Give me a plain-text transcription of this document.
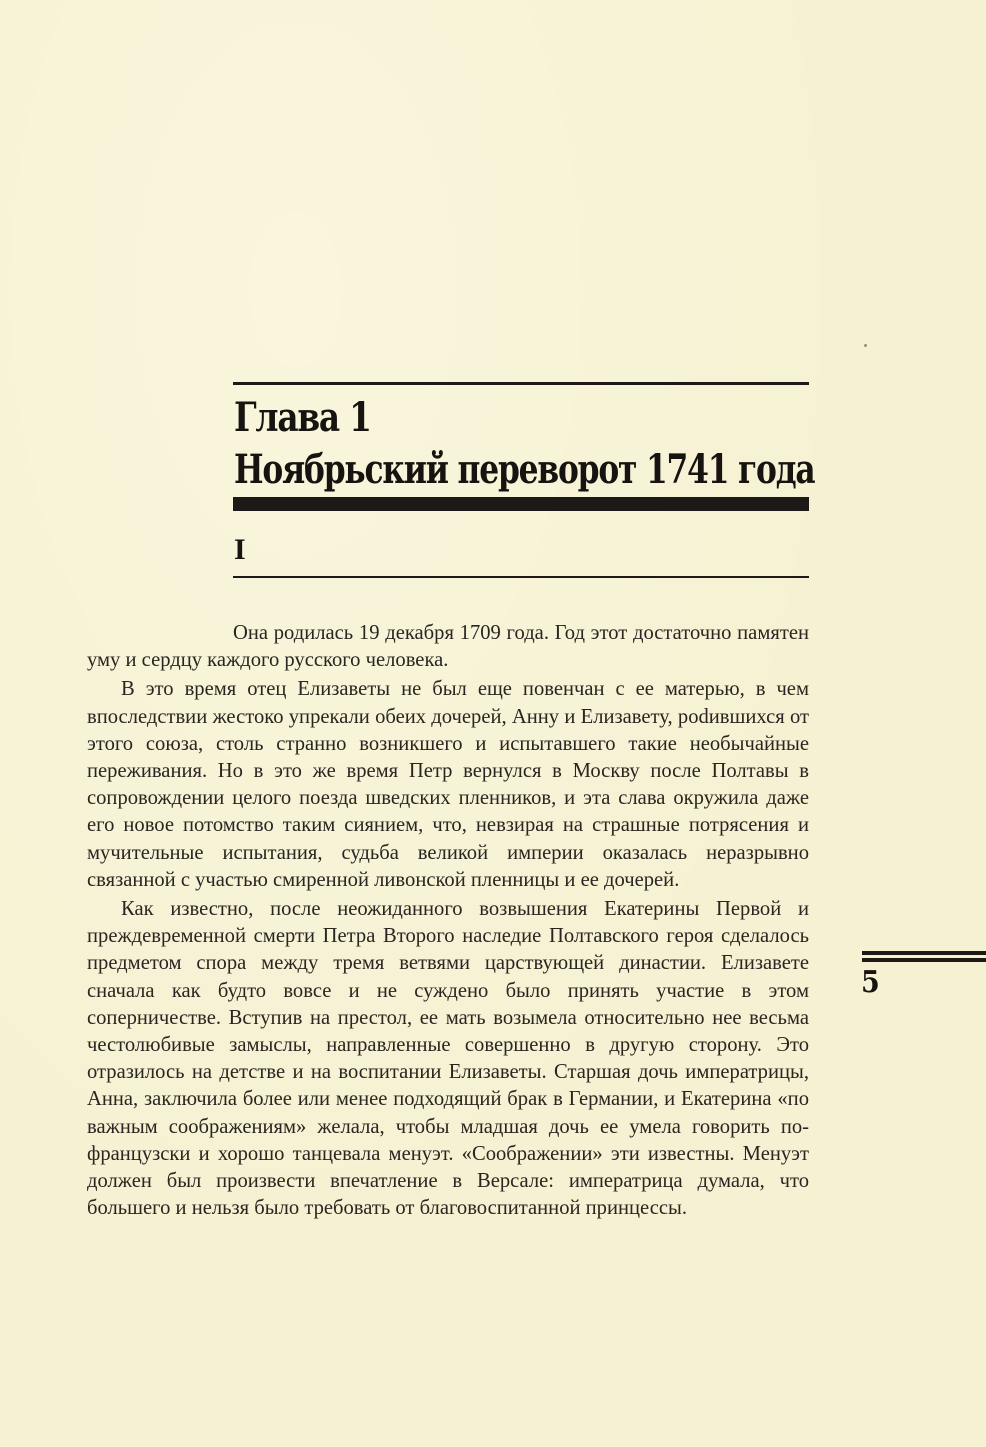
Глава 1
Ноябрьский переворот 1741 года
I

Она родилась 19 декабря 1709 года. Год этот достаточно памятен уму и сердцу каждого русского человека.

В это время отец Елизаветы не был еще повенчан с ее матерью, в чем впоследствии жестоко упрекали обеих дочерей, Анну и Елизавету, роdившихся от этого союза, столь странно возникшего и испытавшего такие необычайные переживания. Но в это же время Петр вернулся в Москву после Полтавы в сопровождении целого поезда шведских пленников, и эта слава окружила даже его новое потомство таким сиянием, что, невзирая на страшные потрясения и мучительные испытания, судьба великой империи оказалась неразрывно связанной с участью смиренной ливонской пленницы и ее дочерей.

Как известно, после неожиданного возвышения Екатерины Первой и преждевременной смерти Петра Второго наследие Полтавского героя сделалось предметом спора между тремя ветвями царствующей династии. Елизавете сначала как будто вовсе и не суждено было принять участие в этом соперничестве. Вступив на престол, ее мать возымела относительно нее весьма честолюбивые замыслы, направленные совершенно в другую сторону. Это отразилось на детстве и на воспитании Елизаветы. Старшая дочь императрицы, Анна, заключила более или менее подходящий брак в Германии, и Екатерина «по важным соображениям» желала, чтобы младшая дочь ее умела говорить по-французски и хорошо танцевала менуэт. «Соображении» эти известны. Менуэт должен был произвести впечатление в Версале: императрица думала, что большего и нельзя было требовать от благовоспитанной принцессы.

5
